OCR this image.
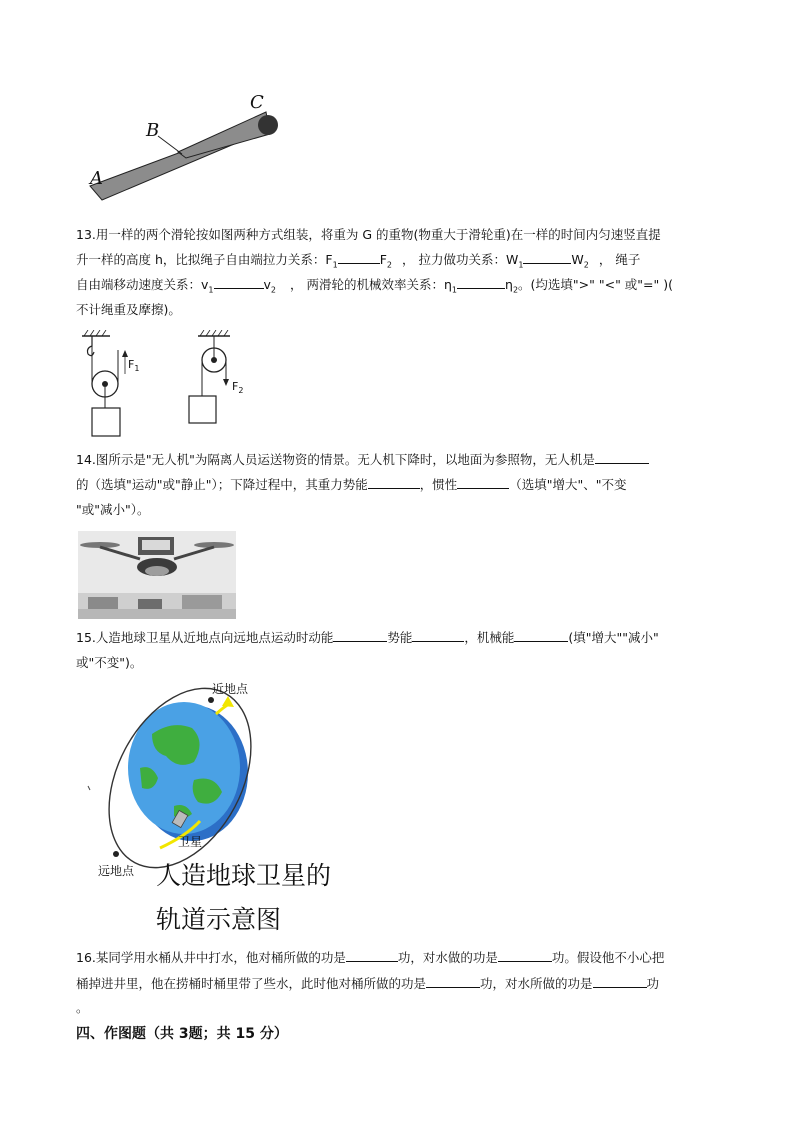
A
B
C
13.用一样的两个滑轮按如图两种方式组装，将重为 G 的重物(物重大于滑轮重)在一样的时间内匀速竖直提
升一样的高度 h，比拟绳子自由端拉力关系：$F_1$	$F_2$ ， 拉力做功关系：$W_1$	$W_2$ ， 绳子
自由端移动速度关系：$v_1$	$v_2$ ， 两滑轮的机械效率关系：$\eta_1$	$\eta_2$。(均选填">" "<" 或"=" )(
不计绳重及摩擦)。
$F_1$
$F_2$
14.图所示是"无人机"为隔离人员运送物资的情景。无人机下降时，以地面为参照物，无人机是
的（选填"运动"或"静止"）；下降过程中，其重力势能	，惯性	（选填"增大"、"不变
"或"减小"）。
15.人造地球卫星从近地点向远地点运动时动能	势能	，机械能	(填"增大""减小"
或"不变")。
近地点
卫星
远地点 人造地球卫星的
轨道示意图
16.某同学用水桶从井中打水，他对桶所做的功是	功，对水做的功是	功。假设他不小心把
桶掉进井里，他在捞桶时桶里带了些水，此时他对桶所做的功是	功，对水所做的功是	功
。
四、作图题（共 3题；共 15 分）
